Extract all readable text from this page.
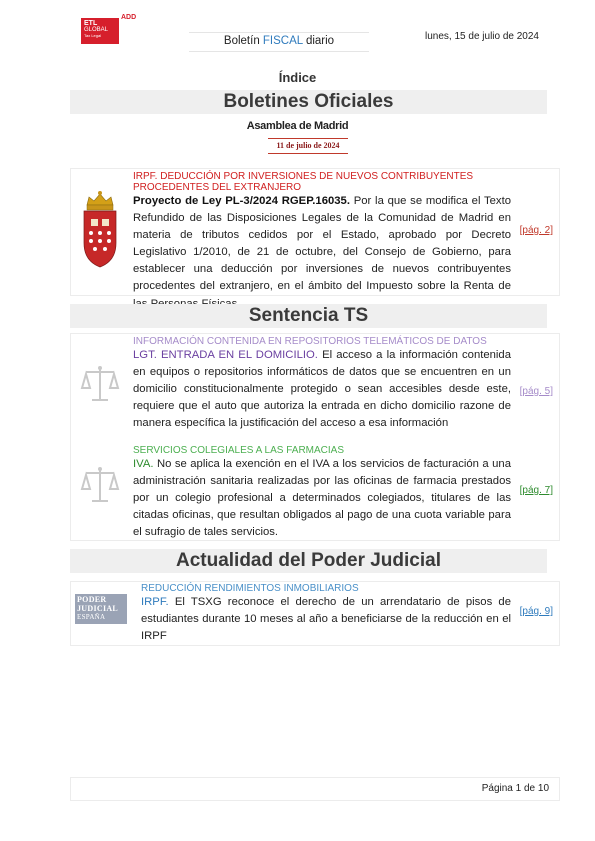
ADD
ETL
GLOBAL
Tax Legal	Boletín FISCAL diario	lunes, 15 de julio de 2024
Índice
Boletines Oficiales
Asamblea de Madrid
11 de julio de 2024
IRPF. DEDUCCIÓN POR INVERSIONES DE NUEVOS CONTRIBUYENTES PROCEDENTES DEL EXTRANJERO
Proyecto de Ley PL-3/2024 RGEP.16035. Por la que se modifica el Texto Refundido de las Disposiciones Legales de la Comunidad de Madrid en materia de tributos cedidos por el Estado, aprobado por Decreto Legislativo 1/2010, de 21 de octubre, del Consejo de Gobierno, para establecer una deducción por inversiones de nuevos contribuyentes procedentes del extranjero, en el ámbito del Impuesto sobre la Renta de
[pág. 2]
Sentencia TS
INFORMACIÓN CONTENIDA EN REPOSITORIOS TELEMÁTICOS DE DATOS
LGT. ENTRADA EN EL DOMICILIO. El acceso a la información contenida en equipos o repositorios informáticos de datos que se encuentren en un domicilio constitucionalmente protegido o sean accesibles desde este, requiere que el auto que autoriza la entrada en dicho domicilio razone de manera específica la justificación del acceso a esa información
[pág. 5]
SERVICIOS COLEGIALES A LAS FARMACIAS
IVA. No se aplica la exención en el IVA a los servicios de facturación a una administración sanitaria realizadas por las oficinas de farmacia prestados por un colegio profesional a determinados colegiados, titulares de las citadas oficinas, que resultan obligados al pago de una cuota variable para el sufragio de tales servicios.
[pág. 7]
Actualidad del Poder Judicial
PODER
JUDICIAL
ESPAÑA
REDUCCIÓN RENDIMIENTOS INMOBILIARIOS
IRPF. El TSXG reconoce el derecho de un arrendatario de pisos de estudiantes durante 10 meses al año a beneficiarse de la reducción en el IRPF
[pág. 9]
Página 1 de 10
